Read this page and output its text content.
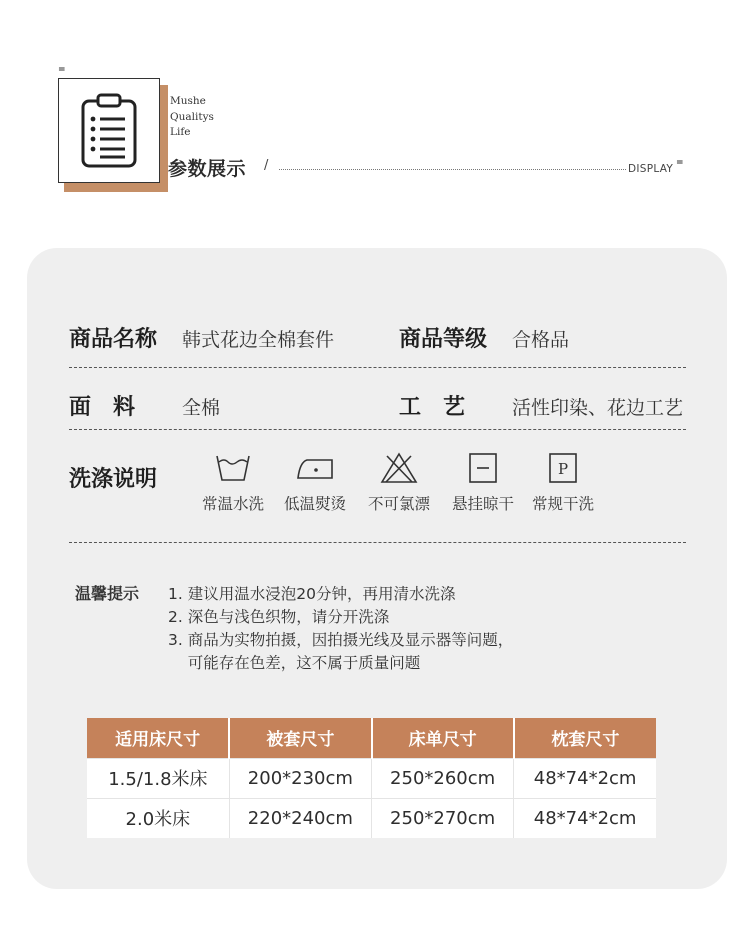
=
Mushe
Qualitys
Life
参数展示 /	DISPLAY =
商品名称 韩式花边全棉套件	商品等级 合格品
面　料 全棉	工　艺 活性印染、花边工艺
洗涤说明
常温水洗	低温熨烫	不可氯漂	悬挂晾干
P
常规干洗
温馨提示 1. 建议用温水浸泡20分钟，再用清水洗涤
2. 深色与浅色织物，请分开洗涤
3. 商品为实物拍摄，因拍摄光线及显示器等问题，
可能存在色差，这不属于质量问题
适用床尺寸	被套尺寸	床单尺寸	枕套尺寸
1.5/1.8米床	200*230cm	250*260cm	48*74*2cm
2.0米床	220*240cm	250*270cm	48*74*2cm
